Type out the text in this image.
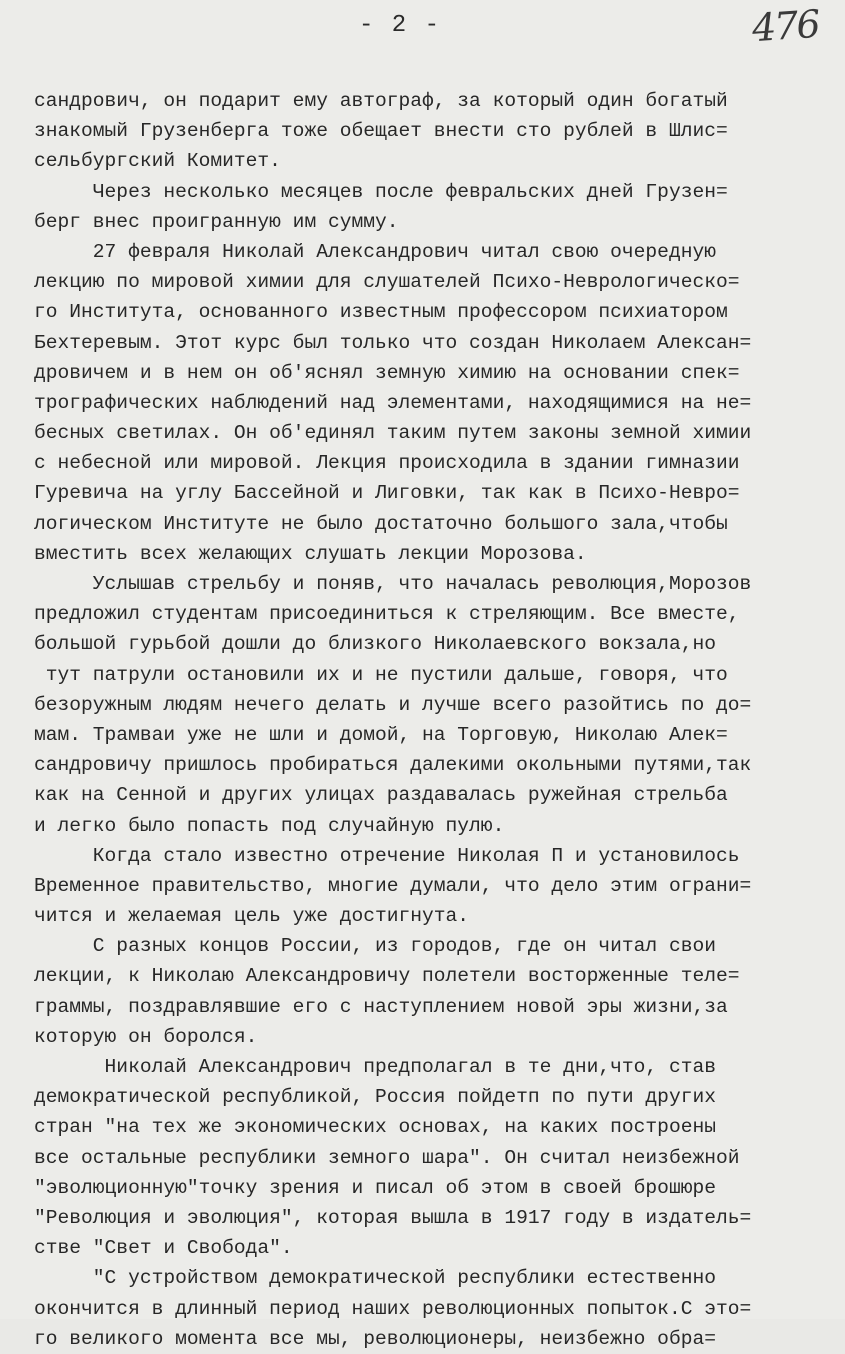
- 2 -	476
сандрович, он подарит ему автограф, за который один богатый
знакомый Грузенберга тоже обещает внести сто рублей в Шлис=
сельбургский Комитет.
Через несколько месяцев после февральских дней Грузен=
берг внес проигранную им сумму.
27 февраля Николай Александрович читал свою очередную
лекцию по мировой химии для слушателей Психо-Неврологическо=
го Института, основанного известным профессором психиатором
Бехтеревым. Этот курс был только что создан Николаем Алексан=
дровичем и в нем он об'яснял земную химию на основании спек=
трографических наблюдений над элементами, находящимися на не=
бесных светилах. Он об'единял таким путем законы земной химии
с небесной или мировой. Лекция происходила в здании гимназии
Гуревича на углу Бассейной и Лиговки, так как в Психо-Невро=
логическом Институте не было достаточно большого зала,чтобы
вместить всех желающих слушать лекции Морозова.
Услышав стрельбу и поняв, что началась революция,Морозов
предложил студентам присоединиться к стреляющим. Все вместе,
большой гурьбой дошли до близкого Николаевского вокзала,но
тут патрули остановили их и не пустили дальше, говоря, что
безоружным людям нечего делать и лучше всего разойтись по до=
мам. Трамваи уже не шли и домой, на Торговую, Николаю Алек=
сандровичу пришлось пробираться далекими окольными путями,так
как на Сенной и других улицах раздавалась ружейная стрельба
и легко было попасть под случайную пулю.
Когда стало известно отречение Николая П и установилось
Временное правительство, многие думали, что дело этим ограни=
чится и желаемая цель уже достигнута.
С разных концов России, из городов, где он читал свои
лекции, к Николаю Александровичу полетели восторженные теле=
граммы, поздравлявшие его с наступлением новой эры жизни,за
которую он боролся.
Николай Александрович предполагал в те дни,что, став
демократической республикой, Россия пойдетп по пути других
стран "на тех же экономических основах, на каких построены
все остальные республики земного шара". Он считал неизбежной
"эволюционную"точку зрения и писал об этом в своей брошюре
"Революция и эволюция", которая вышла в 1917 году в издатель=
стве "Свет и Свобода".
"С устройством демократической республики естественно
окончится в длинный период наших революционных попыток.С это=
го великого момента все мы, революционеры, неизбежно обра=
